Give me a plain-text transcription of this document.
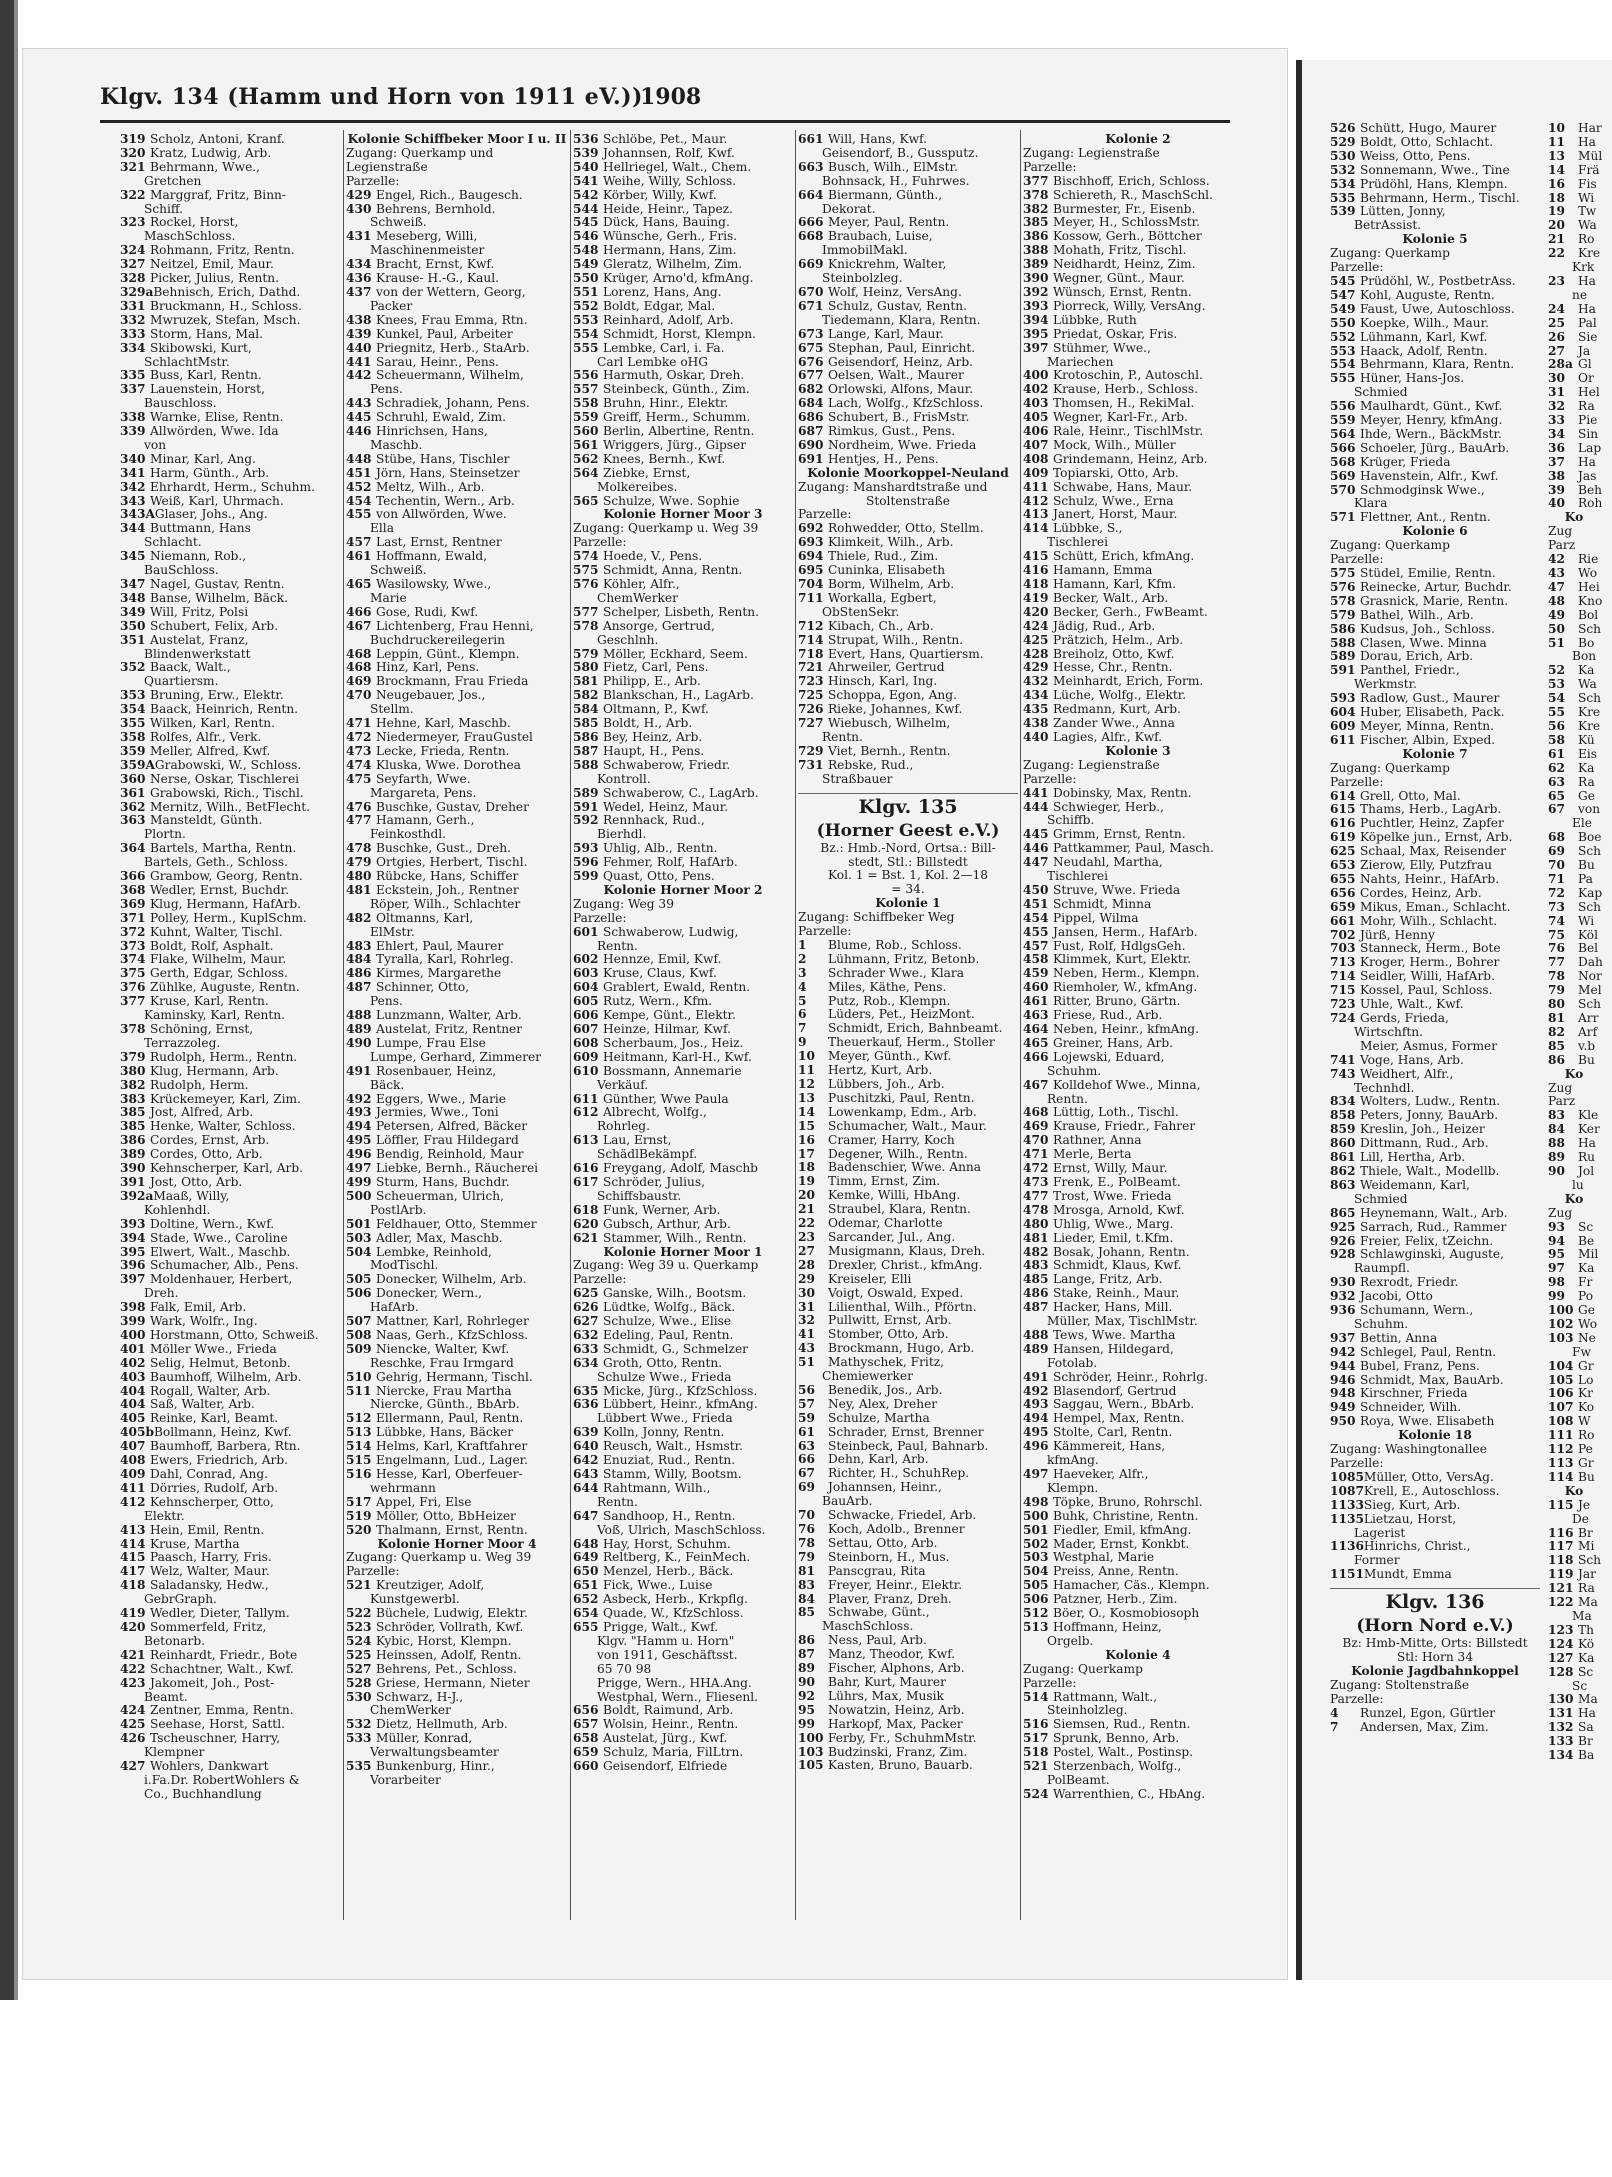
Klgv. 134 (Hamm und Horn von 1911 eV.))
1908
319 Scholz, Antoni, Kranf.
320 Kratz, Ludwig, Arb.
321 Behrmann, Wwe.,
Gretchen
322 Marggraf, Fritz, Binn-
Schiff.
323 Rockel, Horst,
MaschSchloss.
324 Rohmann, Fritz, Rentn.
327 Neitzel, Emil, Maur.
328 Picker, Julius, Rentn.
329aBehnisch, Erich, Dathd.
331 Bruckmann, H., Schloss.
332 Mwruzek, Stefan, Msch.
333 Storm, Hans, Mal.
334 Skibowski, Kurt,
SchlachtMstr.
335 Buss, Karl, Rentn.
337 Lauenstein, Horst,
Bauschloss.
338 Warnke, Elise, Rentn.
339 Allwörden, Wwe. Ida
von
340 Minar, Karl, Ang.
341 Harm, Günth., Arb.
342 Ehrhardt, Herm., Schuhm.
343 Weiß, Karl, Uhrmach.
343AGlaser, Johs., Ang.
344 Buttmann, Hans
Schlacht.
345 Niemann, Rob.,
BauSchloss.
347 Nagel, Gustav, Rentn.
348 Banse, Wilhelm, Bäck.
349 Will, Fritz, Polsi
350 Schubert, Felix, Arb.
351 Austelat, Franz,
Blindenwerkstatt
352 Baack, Walt.,
Quartiersm.
353 Bruning, Erw., Elektr.
354 Baack, Heinrich, Rentn.
355 Wilken, Karl, Rentn.
358 Rolfes, Alfr., Verk.
359 Meller, Alfred, Kwf.
359AGrabowski, W., Schloss.
360 Nerse, Oskar, Tischlerei
361 Grabowski, Rich., Tischl.
362 Mernitz, Wilh., BetFlecht.
363 Mansteldt, Günth.
Plortn.
364 Bartels, Martha, Rentn.
Bartels, Geth., Schloss.
366 Grambow, Georg, Rentn.
368 Wedler, Ernst, Buchdr.
369 Klug, Hermann, HafArb.
371 Polley, Herm., KuplSchm.
372 Kuhnt, Walter, Tischl.
373 Boldt, Rolf, Asphalt.
374 Flake, Wilhelm, Maur.
375 Gerth, Edgar, Schloss.
376 Zühlke, Auguste, Rentn.
377 Kruse, Karl, Rentn.
Kaminsky, Karl, Rentn.
378 Schöning, Ernst,
Terrazzoleg.
379 Rudolph, Herm., Rentn.
380 Klug, Hermann, Arb.
382 Rudolph, Herm.
383 Krückemeyer, Karl, Zim.
385 Jost, Alfred, Arb.
385 Henke, Walter, Schloss.
386 Cordes, Ernst, Arb.
389 Cordes, Otto, Arb.
390 Kehnscherper, Karl, Arb.
391 Jost, Otto, Arb.
392aMaaß, Willy,
Kohlenhdl.
393 Doltine, Wern., Kwf.
394 Stade, Wwe., Caroline
395 Elwert, Walt., Maschb.
396 Schumacher, Alb., Pens.
397 Moldenhauer, Herbert,
Dreh.
398 Falk, Emil, Arb.
399 Wark, Wolfr., Ing.
400 Horstmann, Otto, Schweiß.
401 Möller Wwe., Frieda
402 Selig, Helmut, Betonb.
403 Baumhoff, Wilhelm, Arb.
404 Rogall, Walter, Arb.
404 Saß, Walter, Arb.
405 Reinke, Karl, Beamt.
405bBollmann, Heinz, Kwf.
407 Baumhoff, Barbera, Rtn.
408 Ewers, Friedrich, Arb.
409 Dahl, Conrad, Ang.
411 Dörries, Rudolf, Arb.
412 Kehnscherper, Otto,
Elektr.
413 Hein, Emil, Rentn.
414 Kruse, Martha
415 Paasch, Harry, Fris.
417 Welz, Walter, Maur.
418 Saladansky, Hedw.,
GebrGraph.
419 Wedler, Dieter, Tallym.
420 Sommerfeld, Fritz,
Betonarb.
421 Reinhardt, Friedr., Bote
422 Schachtner, Walt., Kwf.
423 Jakomeit, Joh., Post-
Beamt.
424 Zentner, Emma, Rentn.
425 Seehase, Horst, Sattl.
426 Tscheuschner, Harry,
Klempner
427 Wohlers, Dankwart
i.Fa.Dr. RobertWohlers &
Co., Buchhandlung
Kolonie Schiffbeker Moor I u. II
Zugang: Querkamp und
Legienstraße
Parzelle:
429 Engel, Rich., Baugesch.
430 Behrens, Bernhold.
Schweiß.
431 Meseberg, Willi,
Maschinenmeister
434 Bracht, Ernst, Kwf.
436 Krause- H.-G., Kaul.
437 von der Wettern, Georg,
Packer
438 Knees, Frau Emma, Rtn.
439 Kunkel, Paul, Arbeiter
440 Priegnitz, Herb., StaArb.
441 Sarau, Heinr., Pens.
442 Scheuermann, Wilhelm,
Pens.
443 Schradiek, Johann, Pens.
445 Schruhl, Ewald, Zim.
446 Hinrichsen, Hans,
Maschb.
448 Stübe, Hans, Tischler
451 Jörn, Hans, Steinsetzer
452 Meltz, Wilh., Arb.
454 Techentin, Wern., Arb.
455 von Allwörden, Wwe.
Ella
457 Last, Ernst, Rentner
461 Hoffmann, Ewald,
Schweiß.
465 Wasilowsky, Wwe.,
Marie
466 Gose, Rudi, Kwf.
467 Lichtenberg, Frau Henni,
Buchdruckereilegerin
468 Leppin, Günt., Klempn.
468 Hinz, Karl, Pens.
469 Brockmann, Frau Frieda
470 Neugebauer, Jos.,
Stellm.
471 Hehne, Karl, Maschb.
472 Niedermeyer, FrauGustel
473 Lecke, Frieda, Rentn.
474 Kluska, Wwe. Dorothea
475 Seyfarth, Wwe.
Margareta, Pens.
476 Buschke, Gustav, Dreher
477 Hamann, Gerh.,
Feinkosthdl.
478 Buschke, Gust., Dreh.
479 Ortgies, Herbert, Tischl.
480 Rübcke, Hans, Schiffer
481 Eckstein, Joh., Rentner
Röper, Wilh., Schlachter
482 Oltmanns, Karl,
ElMstr.
483 Ehlert, Paul, Maurer
484 Tyralla, Karl, Rohrleg.
486 Kirmes, Margarethe
487 Schinner, Otto,
Pens.
488 Lunzmann, Walter, Arb.
489 Austelat, Fritz, Rentner
490 Lumpe, Frau Else
Lumpe, Gerhard, Zimmerer
491 Rosenbauer, Heinz,
Bäck.
492 Eggers, Wwe., Marie
493 Jermies, Wwe., Toni
494 Petersen, Alfred, Bäcker
495 Löffler, Frau Hildegard
496 Bendig, Reinhold, Maur
497 Liebke, Bernh., Räucherei
499 Sturm, Hans, Buchdr.
500 Scheuerman, Ulrich,
PostlArb.
501 Feldhauer, Otto, Stemmer
503 Adler, Max, Maschb.
504 Lembke, Reinhold,
ModTischl.
505 Donecker, Wilhelm, Arb.
506 Donecker, Wern.,
HafArb.
507 Mattner, Karl, Rohrleger
508 Naas, Gerh., KfzSchloss.
509 Niencke, Walter, Kwf.
Reschke, Frau Irmgard
510 Gehrig, Hermann, Tischl.
511 Niercke, Frau Martha
Niercke, Günth., BbArb.
512 Ellermann, Paul, Rentn.
513 Lübbke, Hans, Bäcker
514 Helms, Karl, Kraftfahrer
515 Engelmann, Lud., Lager.
516 Hesse, Karl, Oberfeuer-
wehrmann
517 Appel, Fri, Else
519 Möller, Otto, BbHeizer
520 Thalmann, Ernst, Rentn.
Kolonie Horner Moor 4
Zugang: Querkamp u. Weg 39
Parzelle:
521 Kreutziger, Adolf,
Kunstgewerbl.
522 Büchele, Ludwig, Elektr.
523 Schröder, Vollrath, Kwf.
524 Kybic, Horst, Klempn.
525 Heinssen, Adolf, Rentn.
527 Behrens, Pet., Schloss.
528 Griese, Hermann, Nieter
530 Schwarz, H-J.,
ChemWerker
532 Dietz, Hellmuth, Arb.
533 Müller, Konrad,
Verwaltungsbeamter
535 Bunkenburg, Hinr.,
Vorarbeiter
536 Schlöbe, Pet., Maur.
539 Johannsen, Rolf, Kwf.
540 Hellriegel, Walt., Chem.
541 Weihe, Willy, Schloss.
542 Körber, Willy, Kwf.
544 Heide, Heinr., Tapez.
545 Dück, Hans, Bauing.
546 Wünsche, Gerh., Fris.
548 Hermann, Hans, Zim.
549 Gleratz, Wilhelm, Zim.
550 Krüger, Arno'd, kfmAng.
551 Lorenz, Hans, Ang.
552 Boldt, Edgar, Mal.
553 Reinhard, Adolf, Arb.
554 Schmidt, Horst, Klempn.
555 Lembke, Carl, i. Fa.
Carl Lembke oHG
556 Harmuth, Oskar, Dreh.
557 Steinbeck, Günth., Zim.
558 Bruhn, Hinr., Elektr.
559 Greiff, Herm., Schumm.
560 Berlin, Albertine, Rentn.
561 Wriggers, Jürg., Gipser
562 Knees, Bernh., Kwf.
564 Ziebke, Ernst,
Molkereibes.
565 Schulze, Wwe. Sophie
Kolonie Horner Moor 3
Zugang: Querkamp u. Weg 39
Parzelle:
574 Hoede, V., Pens.
575 Schmidt, Anna, Rentn.
576 Köhler, Alfr.,
ChemWerker
577 Schelper, Lisbeth, Rentn.
578 Ansorge, Gertrud,
Geschlnh.
579 Möller, Eckhard, Seem.
580 Fietz, Carl, Pens.
581 Philipp, E., Arb.
582 Blankschan, H., LagArb.
584 Oltmann, P., Kwf.
585 Boldt, H., Arb.
586 Bey, Heinz, Arb.
587 Haupt, H., Pens.
588 Schwaberow, Friedr.
Kontroll.
589 Schwaberow, C., LagArb.
591 Wedel, Heinz, Maur.
592 Rennhack, Rud.,
Bierhdl.
593 Uhlig, Alb., Rentn.
596 Fehmer, Rolf, HafArb.
599 Quast, Otto, Pens.
Kolonie Horner Moor 2
Zugang: Weg 39
Parzelle:
601 Schwaberow, Ludwig,
Rentn.
602 Hennze, Emil, Kwf.
603 Kruse, Claus, Kwf.
604 Grablert, Ewald, Rentn.
605 Rutz, Wern., Kfm.
606 Kempe, Günt., Elektr.
607 Heinze, Hilmar, Kwf.
608 Scherbaum, Jos., Heiz.
609 Heitmann, Karl-H., Kwf.
610 Bossmann, Annemarie
Verkäuf.
611 Günther, Wwe Paula
612 Albrecht, Wolfg.,
Rohrleg.
613 Lau, Ernst,
SchädlBekämpf.
616 Freygang, Adolf, Maschb
617 Schröder, Julius,
Schiffsbaustr.
618 Funk, Werner, Arb.
620 Gubsch, Arthur, Arb.
621 Stammer, Wilh., Rentn.
Kolonie Horner Moor 1
Zugang: Weg 39 u. Querkamp
Parzelle:
625 Ganske, Wilh., Bootsm.
626 Lüdtke, Wolfg., Bäck.
627 Schulze, Wwe., Elise
632 Edeling, Paul, Rentn.
633 Schmidt, G., Schmelzer
634 Groth, Otto, Rentn.
Schulze Wwe., Frieda
635 Micke, Jürg., KfzSchloss.
636 Lübbert, Heinr., kfmAng.
Lübbert Wwe., Frieda
639 Kolln, Jonny, Rentn.
640 Reusch, Walt., Hsmstr.
642 Enuziat, Rud., Rentn.
643 Stamm, Willy, Bootsm.
644 Rahtmann, Wilh.,
Rentn.
647 Sandhoop, H., Rentn.
Voß, Ulrich, MaschSchloss.
648 Hay, Horst, Schuhm.
649 Reltberg, K., FeinMech.
650 Menzel, Herb., Bäck.
651 Fick, Wwe., Luise
652 Asbeck, Herb., Krkpflg.
654 Quade, W., KfzSchloss.
655 Prigge, Walt., Kwf.
Klgv. "Hamm u. Horn"
von 1911, Geschäftsst.
65 70 98
Prigge, Wern., HHA.Ang.
Westphal, Wern., Fliesenl.
656 Boldt, Raimund, Arb.
657 Wolsin, Heinr., Rentn.
658 Austelat, Jürg., Kwf.
659 Schulz, Maria, FilLtrn.
660 Geisendorf, Elfriede
661 Will, Hans, Kwf.
Geisendorf, B., Gussputz.
663 Busch, Wilh., ElMstr.
Bohnsack, H., Fuhrwes.
664 Biermann, Günth.,
Dekorat.
666 Meyer, Paul, Rentn.
668 Braubach, Luise,
ImmobilMakl.
669 Knickrehm, Walter,
Steinbolzleg.
670 Wolf, Heinz, VersAng.
671 Schulz, Gustav, Rentn.
Tiedemann, Klara, Rentn.
673 Lange, Karl, Maur.
675 Stephan, Paul, Einricht.
676 Geisendorf, Heinz, Arb.
677 Oelsen, Walt., Maurer
682 Orlowski, Alfons, Maur.
684 Lach, Wolfg., KfzSchloss.
686 Schubert, B., FrisMstr.
687 Rimkus, Gust., Pens.
690 Nordheim, Wwe. Frieda
691 Hentjes, H., Pens.
Kolonie Moorkoppel-Neuland
Zugang: Manshardtstraße und
Stoltenstraße
Parzelle:
692 Rohwedder, Otto, Stellm.
693 Klimkeit, Wilh., Arb.
694 Thiele, Rud., Zim.
695 Cuninka, Elisabeth
704 Borm, Wilhelm, Arb.
711 Workalla, Egbert,
ObStenSekr.
712 Kibach, Ch., Arb.
714 Strupat, Wilh., Rentn.
718 Evert, Hans, Quartiersm.
721 Ahrweiler, Gertrud
723 Hinsch, Karl, Ing.
725 Schoppa, Egon, Ang.
726 Rieke, Johannes, Kwf.
727 Wiebusch, Wilhelm,
Rentn.
729 Viet, Bernh., Rentn.
731 Rebske, Rud.,
Straßbauer
Klgv. 135
(Horner Geest e.V.)
Bz.: Hmb.-Nord, Ortsa.: Bill-
stedt, Stl.: Billstedt
Kol. 1 = Bst. 1, Kol. 2—18
= 34.
Kolonie 1
Zugang: Schiffbeker Weg
Parzelle:
1 Blume, Rob., Schloss.
2 Lühmann, Fritz, Betonb.
3 Schrader Wwe., Klara
4 Miles, Käthe, Pens.
5 Putz, Rob., Klempn.
6 Lüders, Pet., HeizMont.
7 Schmidt, Erich, Bahnbeamt.
9 Theuerkauf, Herm., Stoller
10 Meyer, Günth., Kwf.
11 Hertz, Kurt, Arb.
12 Lübbers, Joh., Arb.
13 Puschitzki, Paul, Rentn.
14 Lowenkamp, Edm., Arb.
15 Schumacher, Walt., Maur.
16 Cramer, Harry, Koch
17 Degener, Wilh., Rentn.
18 Badenschier, Wwe. Anna
19 Timm, Ernst, Zim.
20 Kemke, Willi, HbAng.
21 Straubel, Klara, Rentn.
22 Odemar, Charlotte
23 Sarcander, Jul., Ang.
27 Musigmann, Klaus, Dreh.
28 Drexler, Christ., kfmAng.
29 Kreiseler, Elli
30 Voigt, Oswald, Exped.
31 Lilienthal, Wilh., Pförtn.
32 Pullwitt, Ernst, Arb.
41 Stomber, Otto, Arb.
43 Brockmann, Hugo, Arb.
51 Mathyschek, Fritz,
Chemiewerker
56 Benedik, Jos., Arb.
57 Ney, Alex, Dreher
59 Schulze, Martha
61 Schrader, Ernst, Brenner
63 Steinbeck, Paul, Bahnarb.
66 Dehn, Karl, Arb.
67 Richter, H., SchuhRep.
69 Johannsen, Heinr.,
BauArb.
70 Schwacke, Friedel, Arb.
76 Koch, Adolb., Brenner
78 Settau, Otto, Arb.
79 Steinborn, H., Mus.
81 Panscgrau, Rita
83 Freyer, Heinr., Elektr.
84 Plaver, Franz, Dreh.
85 Schwabe, Günt.,
MaschSchloss.
86 Ness, Paul, Arb.
87 Manz, Theodor, Kwf.
89 Fischer, Alphons, Arb.
90 Bahr, Kurt, Maurer
92 Lührs, Max, Musik
95 Nowatzin, Heinz, Arb.
99 Harkopf, Max, Packer
100 Ferby, Fr., SchuhmMstr.
103 Budzinski, Franz, Zim.
105 Kasten, Bruno, Bauarb.
Kolonie 2
Zugang: Legienstraße
Parzelle:
377 Bischhoff, Erich, Schloss.
378 Schiereth, R., MaschSchl.
382 Burmester, Fr., Eisenb.
385 Meyer, H., SchlossMstr.
386 Kossow, Gerh., Böttcher
388 Mohath, Fritz, Tischl.
389 Neidhardt, Heinz, Zim.
390 Wegner, Günt., Maur.
392 Wünsch, Ernst, Rentn.
393 Piorreck, Willy, VersAng.
394 Lübbke, Ruth
395 Priedat, Oskar, Fris.
397 Stühmer, Wwe.,
Mariechen
400 Krotoschin, P., Autoschl.
402 Krause, Herb., Schloss.
403 Thomsen, H., RekiMal.
405 Wegner, Karl-Fr., Arb.
406 Rale, Heinr., TischlMstr.
407 Mock, Wilh., Müller
408 Grindemann, Heinz, Arb.
409 Topiarski, Otto, Arb.
411 Schwabe, Hans, Maur.
412 Schulz, Wwe., Erna
413 Janert, Horst, Maur.
414 Lübbke, S.,
Tischlerei
415 Schütt, Erich, kfmAng.
416 Hamann, Emma
418 Hamann, Karl, Kfm.
419 Becker, Walt., Arb.
420 Becker, Gerh., FwBeamt.
424 Jädig, Rud., Arb.
425 Prätzich, Helm., Arb.
428 Breiholz, Otto, Kwf.
429 Hesse, Chr., Rentn.
432 Meinhardt, Erich, Form.
434 Lüche, Wolfg., Elektr.
435 Redmann, Kurt, Arb.
438 Zander Wwe., Anna
440 Lagies, Alfr., Kwf.
Kolonie 3
Zugang: Legienstraße
Parzelle:
441 Dobinsky, Max, Rentn.
444 Schwieger, Herb.,
Schiffb.
445 Grimm, Ernst, Rentn.
446 Pattkammer, Paul, Masch.
447 Neudahl, Martha,
Tischlerei
450 Struve, Wwe. Frieda
451 Schmidt, Minna
454 Pippel, Wilma
455 Jansen, Herm., HafArb.
457 Fust, Rolf, HdlgsGeh.
458 Klimmek, Kurt, Elektr.
459 Neben, Herm., Klempn.
460 Riemholer, W., kfmAng.
461 Ritter, Bruno, Gärtn.
463 Friese, Rud., Arb.
464 Neben, Heinr., kfmAng.
465 Greiner, Hans, Arb.
466 Lojewski, Eduard,
Schuhm.
467 Kolldehof Wwe., Minna,
Rentn.
468 Lüttig, Loth., Tischl.
469 Krause, Friedr., Fahrer
470 Rathner, Anna
471 Merle, Berta
472 Ernst, Willy, Maur.
473 Frenk, E., PolBeamt.
477 Trost, Wwe. Frieda
478 Mrosga, Arnold, Kwf.
480 Uhlig, Wwe., Marg.
481 Lieder, Emil, t.Kfm.
482 Bosak, Johann, Rentn.
483 Schmidt, Klaus, Kwf.
485 Lange, Fritz, Arb.
486 Stake, Reinh., Maur.
487 Hacker, Hans, Mill.
Müller, Max, TischlMstr.
488 Tews, Wwe. Martha
489 Hansen, Hildegard,
Fotolab.
491 Schröder, Heinr., Rohrlg.
492 Blasendorf, Gertrud
493 Saggau, Wern., BbArb.
494 Hempel, Max, Rentn.
495 Stolte, Carl, Rentn.
496 Kämmereit, Hans,
kfmAng.
497 Haeveker, Alfr.,
Klempn.
498 Töpke, Bruno, Rohrschl.
500 Buhk, Christine, Rentn.
501 Fiedler, Emil, kfmAng.
502 Mader, Ernst, Konkbt.
503 Westphal, Marie
504 Preiss, Anne, Rentn.
505 Hamacher, Cäs., Klempn.
506 Patzner, Herb., Zim.
512 Böer, O., Kosmobiosoph
513 Hoffmann, Heinz,
Orgelb.
Kolonie 4
Zugang: Querkamp
Parzelle:
514 Rattmann, Walt.,
Steinholzleg.
516 Siemsen, Rud., Rentn.
517 Sprunk, Benno, Arb.
518 Postel, Walt., Postinsp.
521 Sterzenbach, Wolfg.,
PolBeamt.
524 Warrenthien, C., HbAng.
526 Schütt, Hugo, Maurer
529 Boldt, Otto, Schlacht.
530 Weiss, Otto, Pens.
532 Sonnemann, Wwe., Tine
534 Prüdöhl, Hans, Klempn.
535 Behrmann, Herm., Tischl.
539 Lütten, Jonny,
BetrAssist.
Kolonie 5
Zugang: Querkamp
Parzelle:
545 Prüdöhl, W., PostbetrAss.
547 Kohl, Auguste, Rentn.
549 Faust, Uwe, Autoschloss.
550 Koepke, Wilh., Maur.
552 Lühmann, Karl, Kwf.
553 Haack, Adolf, Rentn.
554 Behrmann, Klara, Rentn.
555 Hüner, Hans-Jos.
Schmied
556 Maulhardt, Günt., Kwf.
559 Meyer, Henry, kfmAng.
564 Ihde, Wern., BäckMstr.
566 Schoeler, Jürg., BauArb.
568 Krüger, Frieda
569 Havenstein, Alfr., Kwf.
570 Schmodginsk Wwe.,
Klara
571 Flettner, Ant., Rentn.
Kolonie 6
Zugang: Querkamp
Parzelle:
575 Stüdel, Emilie, Rentn.
576 Reinecke, Artur, Buchdr.
578 Grasnick, Marie, Rentn.
579 Bathel, Wilh., Arb.
586 Kudsus, Joh., Schloss.
588 Clasen, Wwe. Minna
589 Dorau, Erich, Arb.
591 Panthel, Friedr.,
Werkmstr.
593 Radlow, Gust., Maurer
604 Huber, Elisabeth, Pack.
609 Meyer, Minna, Rentn.
611 Fischer, Albin, Exped.
Kolonie 7
Zugang: Querkamp
Parzelle:
614 Grell, Otto, Mal.
615 Thams, Herb., LagArb.
616 Puchtler, Heinz, Zapfer
619 Köpelke jun., Ernst, Arb.
625 Schaal, Max, Reisender
653 Zierow, Elly, Putzfrau
655 Nahts, Heinr., HafArb.
656 Cordes, Heinz, Arb.
659 Mikus, Eman., Schlacht.
661 Mohr, Wilh., Schlacht.
702 Jürß, Henny
703 Stanneck, Herm., Bote
713 Kroger, Herm., Bohrer
714 Seidler, Willi, HafArb.
715 Kossel, Paul, Schloss.
723 Uhle, Walt., Kwf.
724 Gerds, Frieda,
Wirtschftn.
Meier, Asmus, Former
741 Voge, Hans, Arb.
743 Weidhert, Alfr.,
Technhdl.
834 Wolters, Ludw., Rentn.
858 Peters, Jonny, BauArb.
859 Kreslin, Joh., Heizer
860 Dittmann, Rud., Arb.
861 Lill, Hertha, Arb.
862 Thiele, Walt., Modellb.
863 Weidemann, Karl,
Schmied
865 Heynemann, Walt., Arb.
925 Sarrach, Rud., Rammer
926 Freier, Felix, tZeichn.
928 Schlawginski, Auguste,
Raumpfl.
930 Rexrodt, Friedr.
932 Jacobi, Otto
936 Schumann, Wern.,
Schuhm.
937 Bettin, Anna
942 Schlegel, Paul, Rentn.
944 Bubel, Franz, Pens.
946 Schmidt, Max, BauArb.
948 Kirschner, Frieda
949 Schneider, Wilh.
950 Roya, Wwe. Elisabeth
Kolonie 18
Zugang: Washingtonallee
Parzelle:
1085Müller, Otto, VersAg.
1087Krell, E., Autoschloss.
1133Sieg, Kurt, Arb.
1135Lietzau, Horst,
Lagerist
1136Hinrichs, Christ.,
Former
1151Mundt, Emma
Klgv. 136
(Horn Nord e.V.)
Bz: Hmb-Mitte, Orts: Billstedt
Stl: Horn 34
Kolonie Jagdbahnkoppel
Zugang: Stoltenstraße
Parzelle:
4 Runzel, Egon, Gürtler
7 Andersen, Max, Zim.
10 Har
11 Ha
13 Mül
14 Frä
16 Fis
18 Wi
19 Tw
20 Wa
21 Ro
22 Kre
Krk
23 Ha
ne
24 Ha
25 Pal
26 Sie
27 Ja
28a Gl
30 Or
31 Hel
32 Ra
33 Pie
34 Sin
36 Lap
37 Ha
38 Jas
39 Beh
40 Roh
Ko
Zug
Parz
42 Rie
43 Wo
47 Hei
48 Kno
49 Bol
50 Sch
51 Bo
Bon
52 Ka
53 Wa
54 Sch
55 Kre
56 Kre
58 Kü
61 Eis
62 Ka
63 Ra
65 Ge
67 von
Ele
68 Boe
69 Sch
70 Bu
71 Pa
72 Kap
73 Sch
74 Wi
75 Köl
76 Bel
77 Dah
78 Nor
79 Mel
80 Sch
81 Arr
82 Arf
85 v.b
86 Bu
Ko
Zug
Parz
83 Kle
84 Ker
88 Ha
89 Ru
90 Jol
lu
Ko
Zug
93 Sc
94 Be
95 Mil
97 Ka
98 Fr
99 Po
100 Ge
102 Wo
103 Ne
Fw
104 Gr
105 Lo
106 Kr
107 Ko
108 W
111 Ro
112 Pe
113 Gr
114 Bu
Ko
115 Je
De
116 Br
117 Mi
118 Sch
119 Jar
121 Ra
122 Ma
Ma
123 Th
124 Kö
127 Ka
128 Sc
Sc
130 Ma
131 Ha
132 Sa
133 Br
134 Ba
